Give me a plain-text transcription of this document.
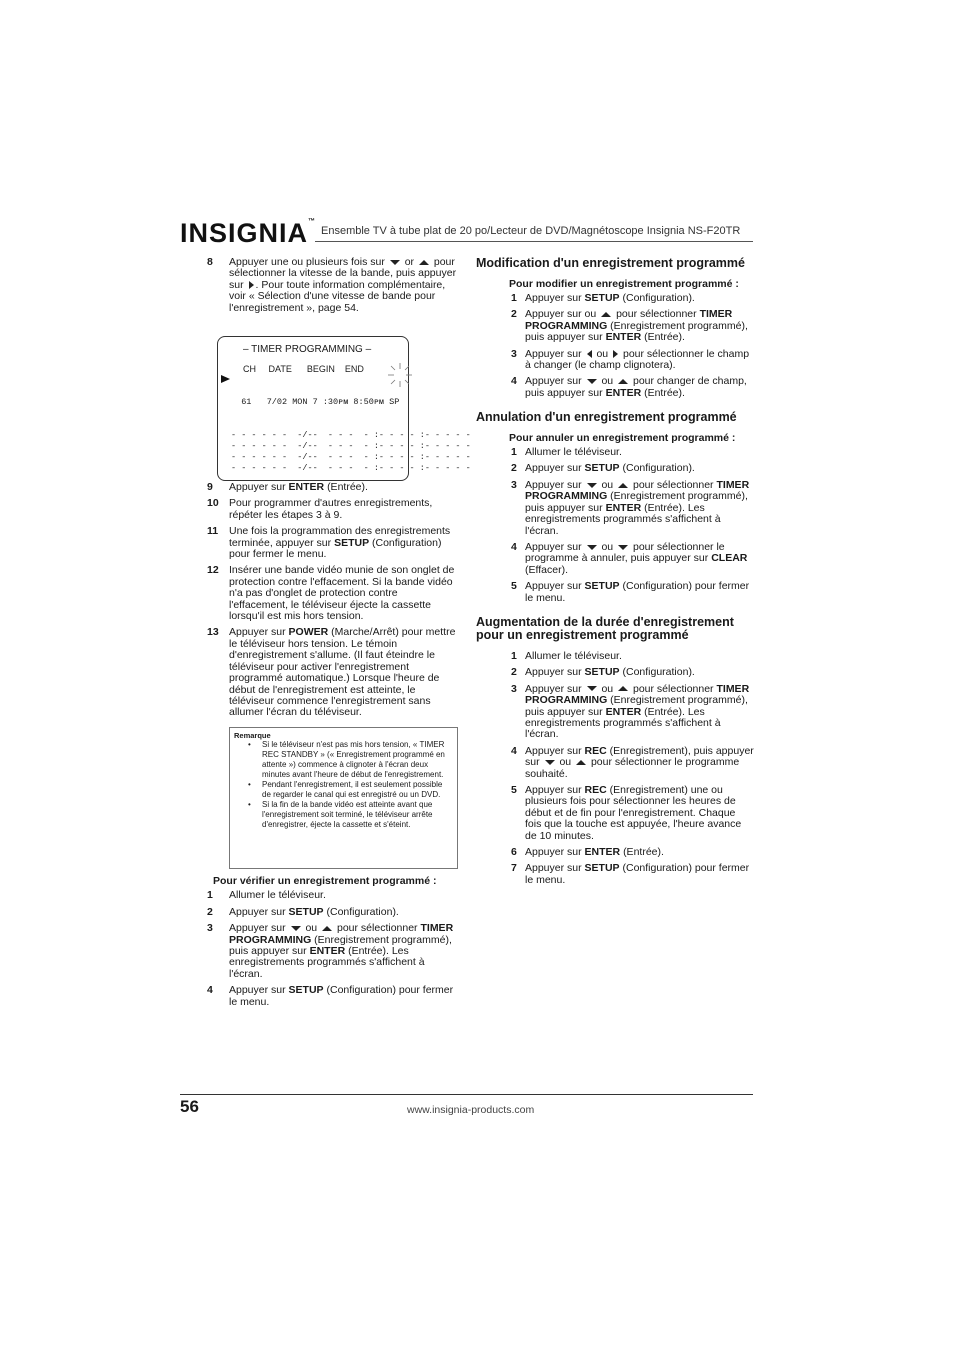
INSIGNIA™
Ensemble TV à tube plat de 20 po/Lecteur de DVD/Magnétoscope Insignia NS-F20TR
8	Appuyer une ou plusieurs fois sur or pour sélectionner la vitesse de la bande, puis appuyer sur . Pour toute information complémentaire, voir « Sélection d'une vitesse de bande pour l'enregistrement », page 54.
– TIMER PROGRAMMING –
CH     DATE      BEGIN    END

61   7/02 MON 7 :30ᴘᴍ 8:50ᴘᴍ SP

- - - - - -  -/--  - - -  - :- - - - :- - - - -
- - - - - -  -/--  - - -  - :- - - - :- - - - -
- - - - - -  -/--  - - -  - :- - - - :- - - - -
- - - - - -  -/--  - - -  - :- - - - :- - - - -

9	Appuyer sur ENTER (Entrée).
10 Pour programmer d'autres enregistrements, répéter les étapes 3 à 9.
11	Une fois la programmation des enregistrements terminée, appuyer sur SETUP (Configuration) pour fermer le menu.
12 Insérer une bande vidéo munie de son onglet de protection contre l'effacement. Si la bande vidéo n'a pas d'onglet de protection contre l'effacement, le téléviseur éjecte la cassette lorsqu'il est mis hors tension.
13 Appuyer sur POWER (Marche/Arrêt) pour mettre le téléviseur hors tension. Le témoin d'enregistrement s'allume. (Il faut éteindre le téléviseur pour activer l'enregistrement programmé automatique.) Lorsque l'heure de début de l'enregistrement est atteinte, le téléviseur commence l'enregistrement sans allumer l'écran du téléviseur.
Remarque
•	Si le téléviseur n'est pas mis hors tension, « TIMER REC STANDBY » (« Enregistrement programmé en attente ») commence à clignoter à l'écran deux minutes avant l'heure de début de l'enregistrement.
•	Pendant l'enregistrement, il est seulement possible de regarder le canal qui est enregistré ou un DVD.
•	Si la fin de la bande vidéo est atteinte avant que l'enregistrement soit terminé, le téléviseur arrête d'enregistrer, éjecte la cassette et s'éteint.
Pour vérifier un enregistrement programmé :
1	Allumer le téléviseur.
2	Appuyer sur SETUP (Configuration).
3	Appuyer sur ou pour sélectionner TIMER PROGRAMMING (Enregistrement programmé), puis appuyer sur ENTER (Entrée). Les enregistrements programmés s'affichent à l'écran.
4	Appuyer sur SETUP (Configuration) pour fermer le menu.
Modification d'un enregistrement programmé
Pour modifier un enregistrement programmé :
1 Appuyer sur SETUP (Configuration).
2 Appuyer sur ou pour sélectionner TIMER PROGRAMMING (Enregistrement programmé), puis appuyer sur ENTER (Entrée).
3 Appuyer sur ou pour sélectionner le champ à changer (le champ clignotera).
4 Appuyer sur ou pour changer de champ, puis appuyer sur ENTER (Entrée).
Annulation d'un enregistrement programmé
Pour annuler un enregistrement programmé :
1 Allumer le téléviseur.
2 Appuyer sur SETUP (Configuration).
3 Appuyer sur ou pour sélectionner TIMER PROGRAMMING (Enregistrement programmé), puis appuyer sur ENTER (Entrée). Les enregistrements programmés s'affichent à l'écran.
4 Appuyer sur ou pour sélectionner le programme à annuler, puis appuyer sur CLEAR (Effacer).
5 Appuyer sur SETUP (Configuration) pour fermer le menu.
Augmentation de la durée d'enregistrement pour un enregistrement programmé
1 Allumer le téléviseur.
2 Appuyer sur SETUP (Configuration).
3 Appuyer sur ou pour sélectionner TIMER PROGRAMMING (Enregistrement programmé), puis appuyer sur ENTER (Entrée). Les enregistrements programmés s'affichent à l'écran.
4 Appuyer sur REC (Enregistrement), puis appuyer sur ou pour sélectionner le programme souhaité.
5 Appuyer sur REC (Enregistrement) une ou plusieurs fois pour sélectionner les heures de début et de fin pour l'enregistrement. Chaque fois que la touche est appuyée, l'heure avance de 10 minutes.
6 Appuyer sur ENTER (Entrée).
7 Appuyer sur SETUP (Configuration) pour fermer le menu.
56	www.insignia-products.com
